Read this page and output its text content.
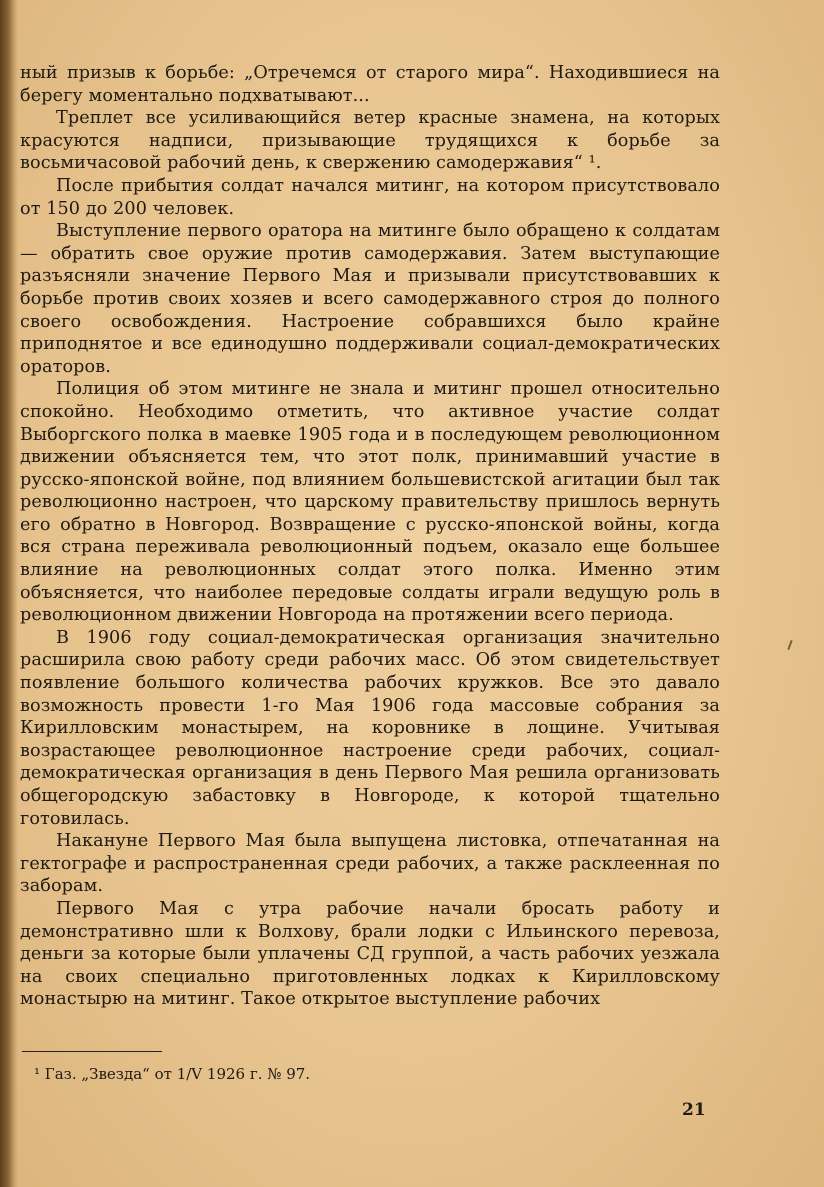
ный призыв к борьбе: „Отречемся от старого мира“. Находившиеся на берегу моментально подхватывают...

Треплет все усиливающийся ветер красные знамена, на которых красуются надписи, призывающие трудящихся к борьбе за восьмичасовой рабочий день, к свержению самодержавия“ ¹.

После прибытия солдат начался митинг, на котором присутствовало от 150 до 200 человек.

Выступление первого оратора на митинге было обращено к солдатам — обратить свое оружие против самодержавия. Затем выступающие разъясняли значение Первого Мая и призывали присутствовавших к борьбе против своих хозяев и всего самодержавного строя до полного своего освобождения. Настроение собравшихся было крайне приподнятое и все единодушно поддерживали социал-демократических ораторов.

Полиция об этом митинге не знала и митинг прошел относительно спокойно. Необходимо отметить, что активное участие солдат Выборгского полка в маевке 1905 года и в последующем революционном движении объясняется тем, что этот полк, принимавший участие в русско-японской войне, под влиянием большевистской агитации был так революционно настроен, что царскому правительству пришлось вернуть его обратно в Новгород. Возвращение с русско-японской войны, когда вся страна переживала революционный подъем, оказало еще большее влияние на революционных солдат этого полка. Именно этим объясняется, что наиболее передовые солдаты играли ведущую роль в революционном движении Новгорода на протяжении всего периода.

В 1906 году социал-демократическая организация значительно расширила свою работу среди рабочих масс. Об этом свидетельствует появление большого количества рабочих кружков. Все это давало возможность провести 1-го Мая 1906 года массовые собрания за Кирилловским монастырем, на коровнике в лощине. Учитывая возрастающее революционное настроение среди рабочих, социал-демократическая организация в день Первого Мая решила организовать общегородскую забастовку в Новгороде, к которой тщательно готовилась.

Накануне Первого Мая была выпущена листовка, отпечатанная на гектографе и распространенная среди рабочих, а также расклеенная по заборам.

Первого Мая с утра рабочие начали бросать работу и демонстративно шли к Волхову, брали лодки с Ильинского перевоза, деньги за которые были уплачены СД группой, а часть рабочих уезжала на своих специально приготовленных лодках к Кирилловскому монастырю на митинг. Такое открытое выступление рабочих

¹ Газ. „Звезда“ от 1/V 1926 г. № 97.
21
